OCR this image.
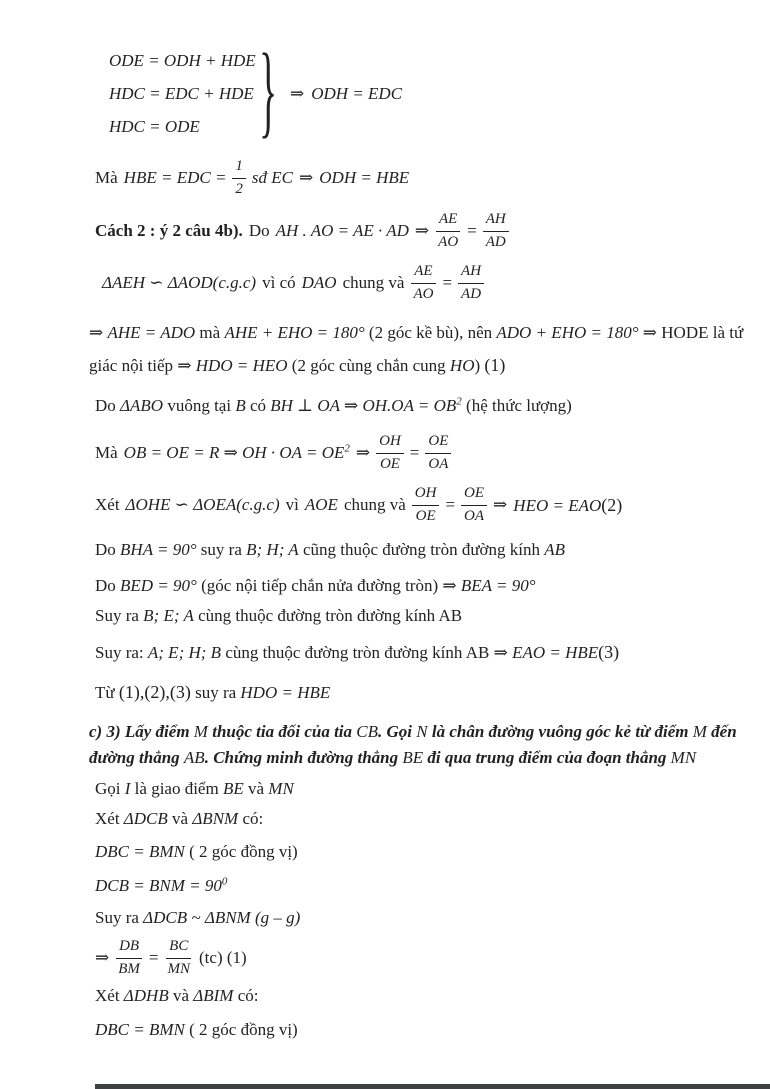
ODE = ODH + HDE
HDC = EDC + HDE
HDC = ODE	} ⇒ ODH = EDC
Mà HBE = EDC = $\frac{1}{2}$ sđ EC ⇒ ODH = HBE
Cách 2 : ý 2 câu 4b). Do AH . AO = AE · AD ⇒ $\frac{AE}{AO} = \frac{AH}{AD}$
ΔAEH ∽ ΔAOD(c.g.c) vì có DAO chung và $\frac{AE}{AO} = \frac{AH}{AD}$

⇒ AHE = ADO mà AHE + EHO = 180° (2 góc kề bù), nên ADO + EHO = 180° ⇒ HODE là tứ giác nội tiếp ⇒ HDO = HEO (2 góc cùng chắn cung HO) (1)

Do ΔABO vuông tại B có BH ⊥ OA ⇒ $OH.OA = OB^2$ (hệ thức lượng)

Mà OB = OE = R ⇒ OH · OA = $OE^2$ ⇒ $\frac{OH}{OE} = \frac{OE}{OA}$
Xét ΔOHE ∽ ΔOEA(c.g.c) vì AOE chung và $\frac{OH}{OE} = \frac{OE}{OA}$ ⇒ HEO = EAO(2)

Do BHA = 90° suy ra B; H; A cũng thuộc đường tròn đường kính AB

Do BED = 90° (góc nội tiếp chắn nửa đường tròn) ⇒ BEA = 90°

Suy ra B; E; A cùng thuộc đường tròn đường kính AB

Suy ra: A; E; H; B cùng thuộc đường tròn đường kính AB ⇒ EAO = HBE(3)

Từ (1),(2),(3) suy ra HDO = HBE

c) 3) Lấy điểm M thuộc tia đối của tia CB. Gọi N là chân đường vuông góc kẻ từ điểm M đến đường thẳng AB. Chứng minh đường thẳng BE đi qua trung điểm của đoạn thẳng MN

Gọi I là giao điểm BE và MN

Xét ΔDCB và ΔBNM có:

DBC = BMN ( 2 góc đồng vị)

DCB = BNM = $90^0$

Suy ra ΔDCB ~ ΔBNM (g – g)

⇒ $\frac{DB}{BM} = \frac{BC}{MN} (tc)$ (1)

Xét ΔDHB và ΔBIM có:

DBC = BMN ( 2 góc đồng vị)
